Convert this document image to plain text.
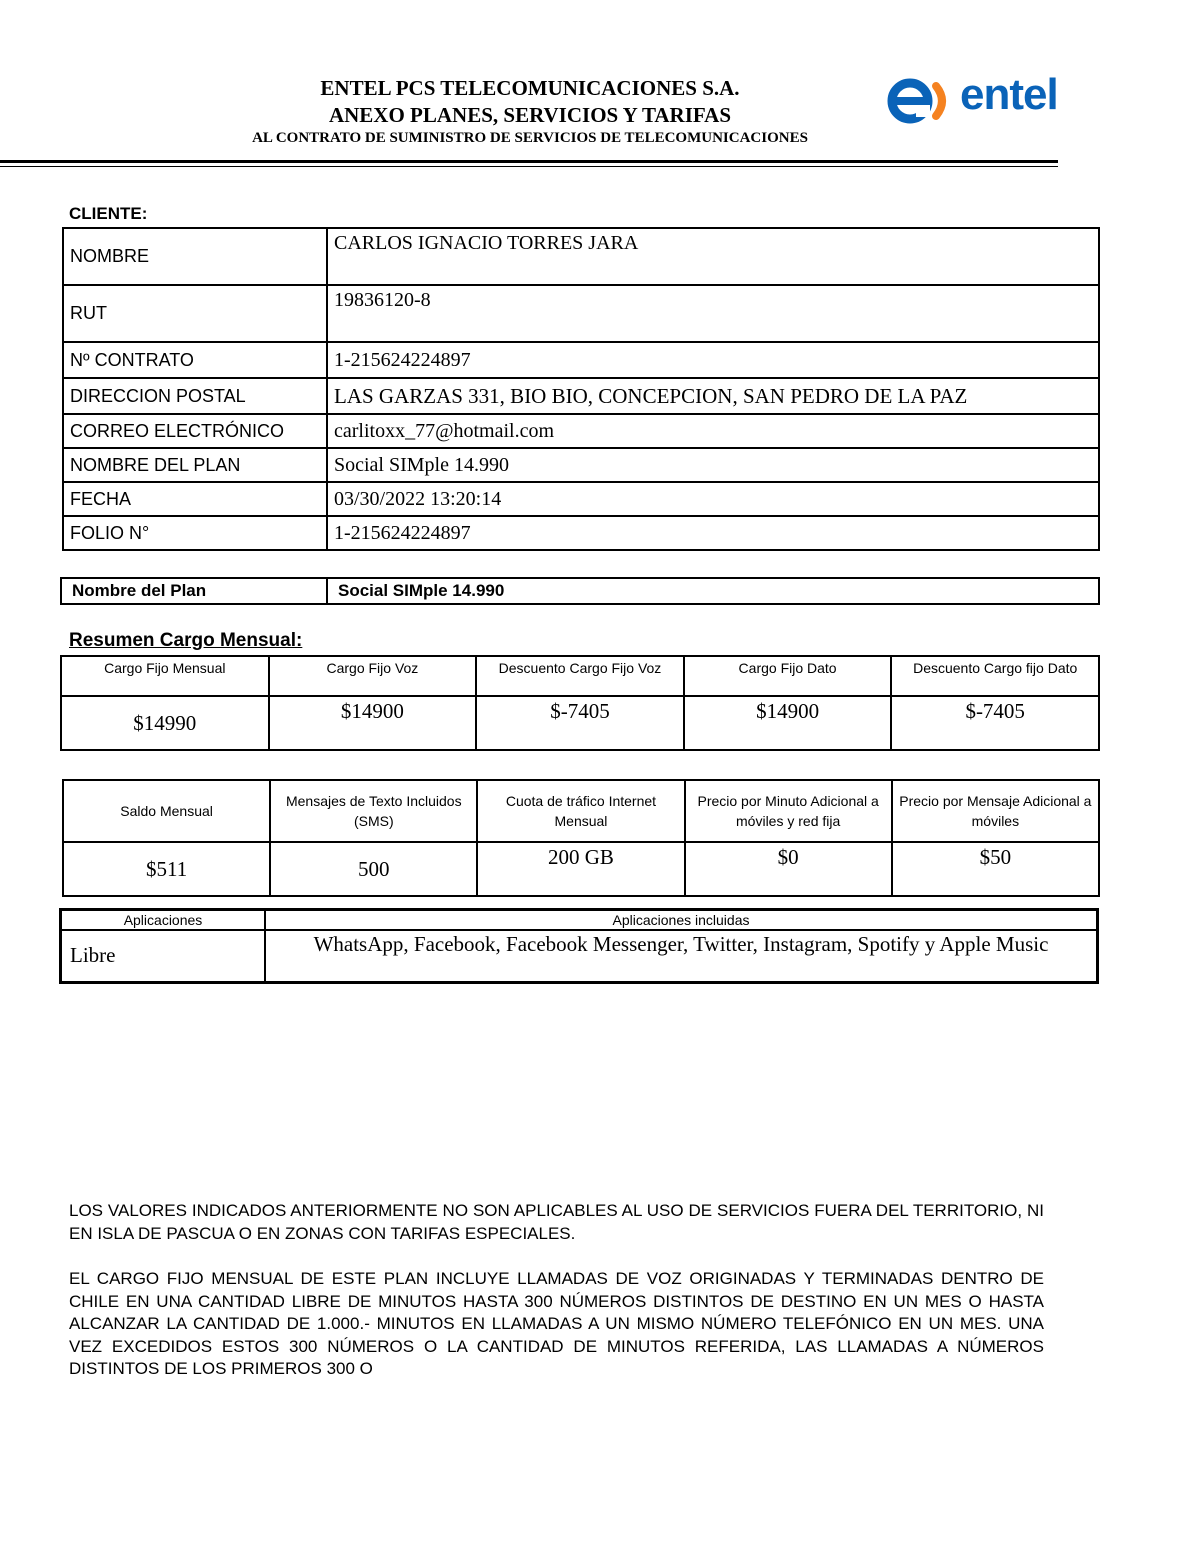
ENTEL PCS TELECOMUNICACIONES S.A.
ANEXO PLANES, SERVICIOS Y TARIFAS
AL CONTRATO DE SUMINISTRO DE SERVICIOS DE TELECOMUNICACIONES
entel
CLIENTE:
NOMBRE	CARLOS IGNACIO TORRES JARA
RUT	19836120-8
Nº CONTRATO	1-215624224897
DIRECCION POSTAL	LAS GARZAS 331, BIO BIO, CONCEPCION, SAN PEDRO DE LA PAZ
CORREO ELECTRÓNICO	carlitoxx_77@hotmail.com
NOMBRE DEL PLAN	Social SIMple 14.990
FECHA	03/30/2022 13:20:14
FOLIO N°	1-215624224897
Nombre del Plan	Social SIMple 14.990
Resumen Cargo Mensual:
Cargo Fijo Mensual	Cargo Fijo Voz	Descuento Cargo Fijo Voz	Cargo Fijo Dato	Descuento Cargo fijo Dato
$14990	$14900	$-7405	$14900	$-7405
Saldo Mensual	Mensajes de Texto Incluidos (SMS)	Cuota de tráfico Internet Mensual	Precio por Minuto Adicional a móviles y red fija	Precio por Mensaje Adicional a móviles
$511	500	200 GB	$0	$50
Aplicaciones	Aplicaciones incluidas
Libre	WhatsApp, Facebook, Facebook Messenger, Twitter, Instagram, Spotify y Apple Music
LOS VALORES INDICADOS ANTERIORMENTE NO SON APLICABLES AL USO DE SERVICIOS FUERA DEL TERRITORIO, NI EN ISLA DE PASCUA O EN ZONAS CON TARIFAS ESPECIALES.
EL CARGO FIJO MENSUAL DE ESTE PLAN INCLUYE LLAMADAS DE VOZ ORIGINADAS Y TERMINADAS DENTRO DE CHILE EN UNA CANTIDAD LIBRE DE MINUTOS HASTA 300 NÚMEROS DISTINTOS DE DESTINO EN UN MES O HASTA ALCANZAR LA CANTIDAD DE 1.000.- MINUTOS EN LLAMADAS A UN MISMO NÚMERO TELEFÓNICO EN UN MES. UNA VEZ EXCEDIDOS ESTOS 300 NÚMEROS O LA CANTIDAD DE MINUTOS REFERIDA, LAS LLAMADAS A NÚMEROS DISTINTOS DE LOS PRIMEROS 300 O
